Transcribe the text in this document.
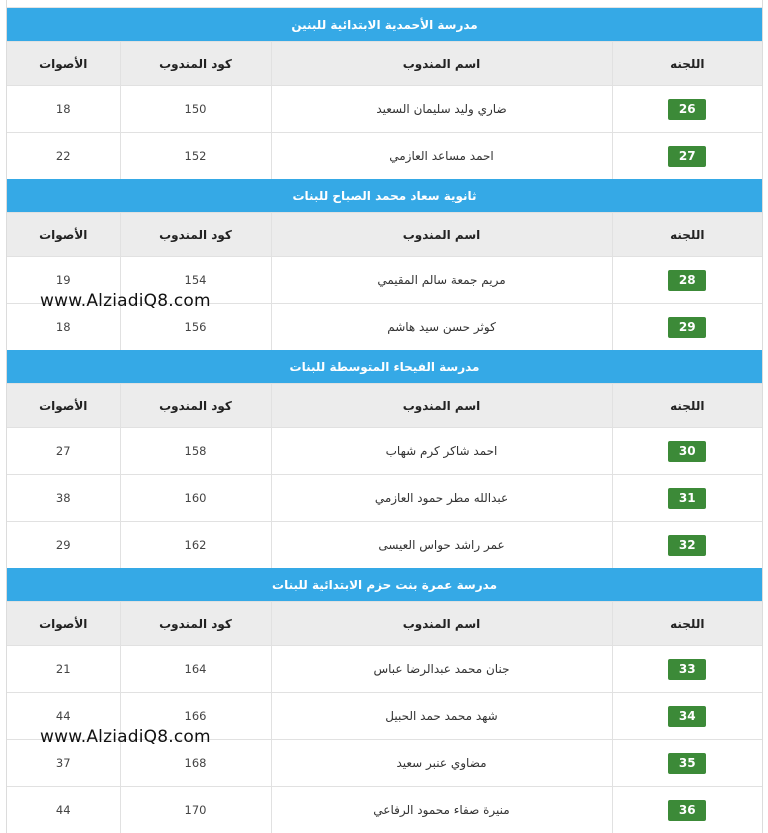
مدرسة الأحمدية الابتدائية للبنين			
الأصوات	كود المندوب	اسم المندوب	اللجنه
18	150	ضاري وليد سليمان السعيد	26
22	152	احمد مساعد العازمي	27
ثانوية سعاد محمد الصباح للبنات			
الأصوات	كود المندوب	اسم المندوب	اللجنه
19	154	مريم جمعة سالم المقيمي	28
18	156	كوثر حسن سيد هاشم	29
مدرسة الفيحاء المتوسطة للبنات			
الأصوات	كود المندوب	اسم المندوب	اللجنه
27	158	احمد شاكر كرم شهاب	30
38	160	عبدالله مطر حمود العازمي	31
29	162	عمر راشد حواس العيسى	32
مدرسة عمرة بنت حزم الابتدائية للبنات			
الأصوات	كود المندوب	اسم المندوب	اللجنه
21	164	جنان محمد عبدالرضا عباس	33
44	166	شهد محمد حمد الحبيل	34
37	168	مضاوي عنبر سعيد	35
44	170	منيرة صفاء محمود الرفاعي	36
www.AlziadiQ8.com
www.AlziadiQ8.com
